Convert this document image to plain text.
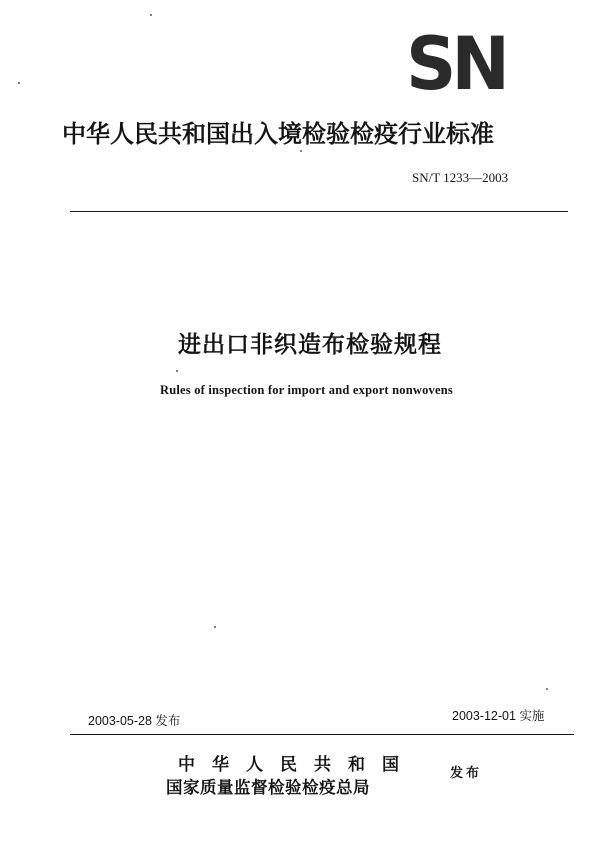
SN
中华人民共和国出入境检验检疫行业标准
SN/T 1233—2003
进出口非织造布检验规程
Rules of inspection for import and export nonwovens
2003-05-28 发布	2003-12-01 实施
中华人民共和国
国家质量监督检验检疫总局
发布
